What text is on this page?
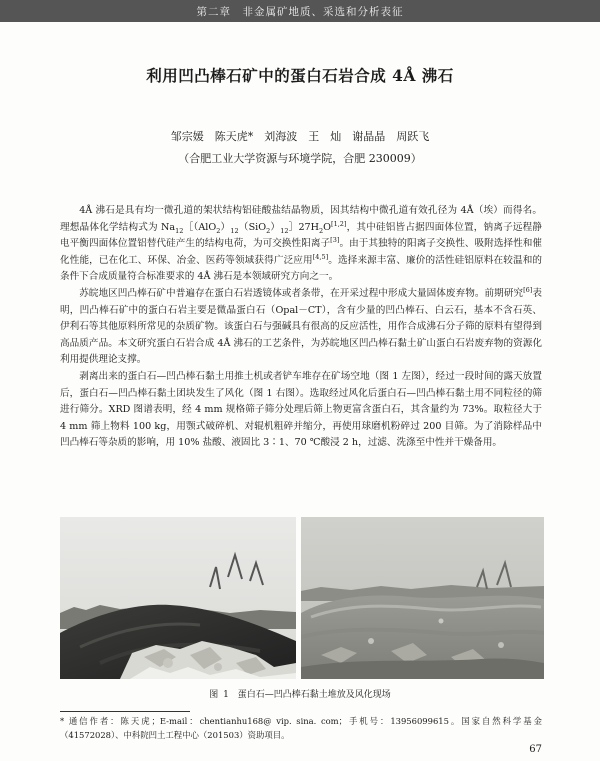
第二章　非金属矿地质、采选和分析表征
利用凹凸棒石矿中的蛋白石岩合成 4Å 沸石
邹宗媛　陈天虎*　刘海波　王　灿　谢晶晶　周跃飞
（合肥工业大学资源与环境学院，合肥 230009）

4Å 沸石是具有均一微孔道的架状结构铝硅酸盐结晶物质，因其结构中微孔道有效孔径为 4Å（埃）而得名。理想晶体化学结构式为 $Na_{12}[(AlO_2)_{12}(SiO_2)_{12}]27H_2O[1,2]$，其中硅铝皆占据四面体位置，钠离子远程静电平衡四面体位置铝替代硅产生的结构电荷，为可交换性阳离子[3]。由于其独特的阳离子交换性、吸附选择性和催化性能，已在化工、环保、冶金、医药等领域获得广泛应用[4,5]。选择来源丰富、廉价的活性硅铝原料在较温和的条件下合成质量符合标准要求的 4Å 沸石是本领域研究方向之一。

苏皖地区凹凸棒石矿中普遍存在蛋白石岩透镜体或者条带，在开采过程中形成大量固体废弃物。前期研究[6]表明，凹凸棒石矿中的蛋白石岩主要是微晶蛋白石（Opal－CT），含有少量的凹凸棒石、白云石，基本不含石英、伊利石等其他原料所常见的杂质矿物。该蛋白石与强碱具有很高的反应活性，用作合成沸石分子筛的原料有望得到高品质产品。本文研究蛋白石岩合成 4Å 沸石的工艺条件，为苏皖地区凹凸棒石黏土矿山蛋白石岩废弃物的资源化利用提供理论支撑。

剥离出来的蛋白石—凹凸棒石黏土用推土机或者铲车堆存在矿场空地（图 1 左图），经过一段时间的露天放置后，蛋白石—凹凸棒石黏土团块发生了风化（图 1 右图）。选取经过风化后蛋白石—凹凸棒石黏土用不同粒径的筛进行筛分。XRD 图谱表明，经 4 mm 规格筛子筛分处理后筛上物更富含蛋白石，其含量约为 73%。取粒径大于 4 mm 筛上物料 100 kg，用颚式破碎机、对辊机粗碎并缩分，再使用球磨机粉碎过 200 目筛。为了消除样品中凹凸棒石等杂质的影响，用 10% 盐酸、液固比 3∶1、70 ℃酸浸 2 h，过滤、洗涤至中性并干燥备用。

图 1　蛋白石—凹凸棒石黏土堆放及风化现场
* 通信作者：陈天虎；E-mail：chentianhu168@ vip. sina. com；手机号：13956099615。国家自然科学基金（41572028）、中科院凹土工程中心（201503）资助项目。
67
